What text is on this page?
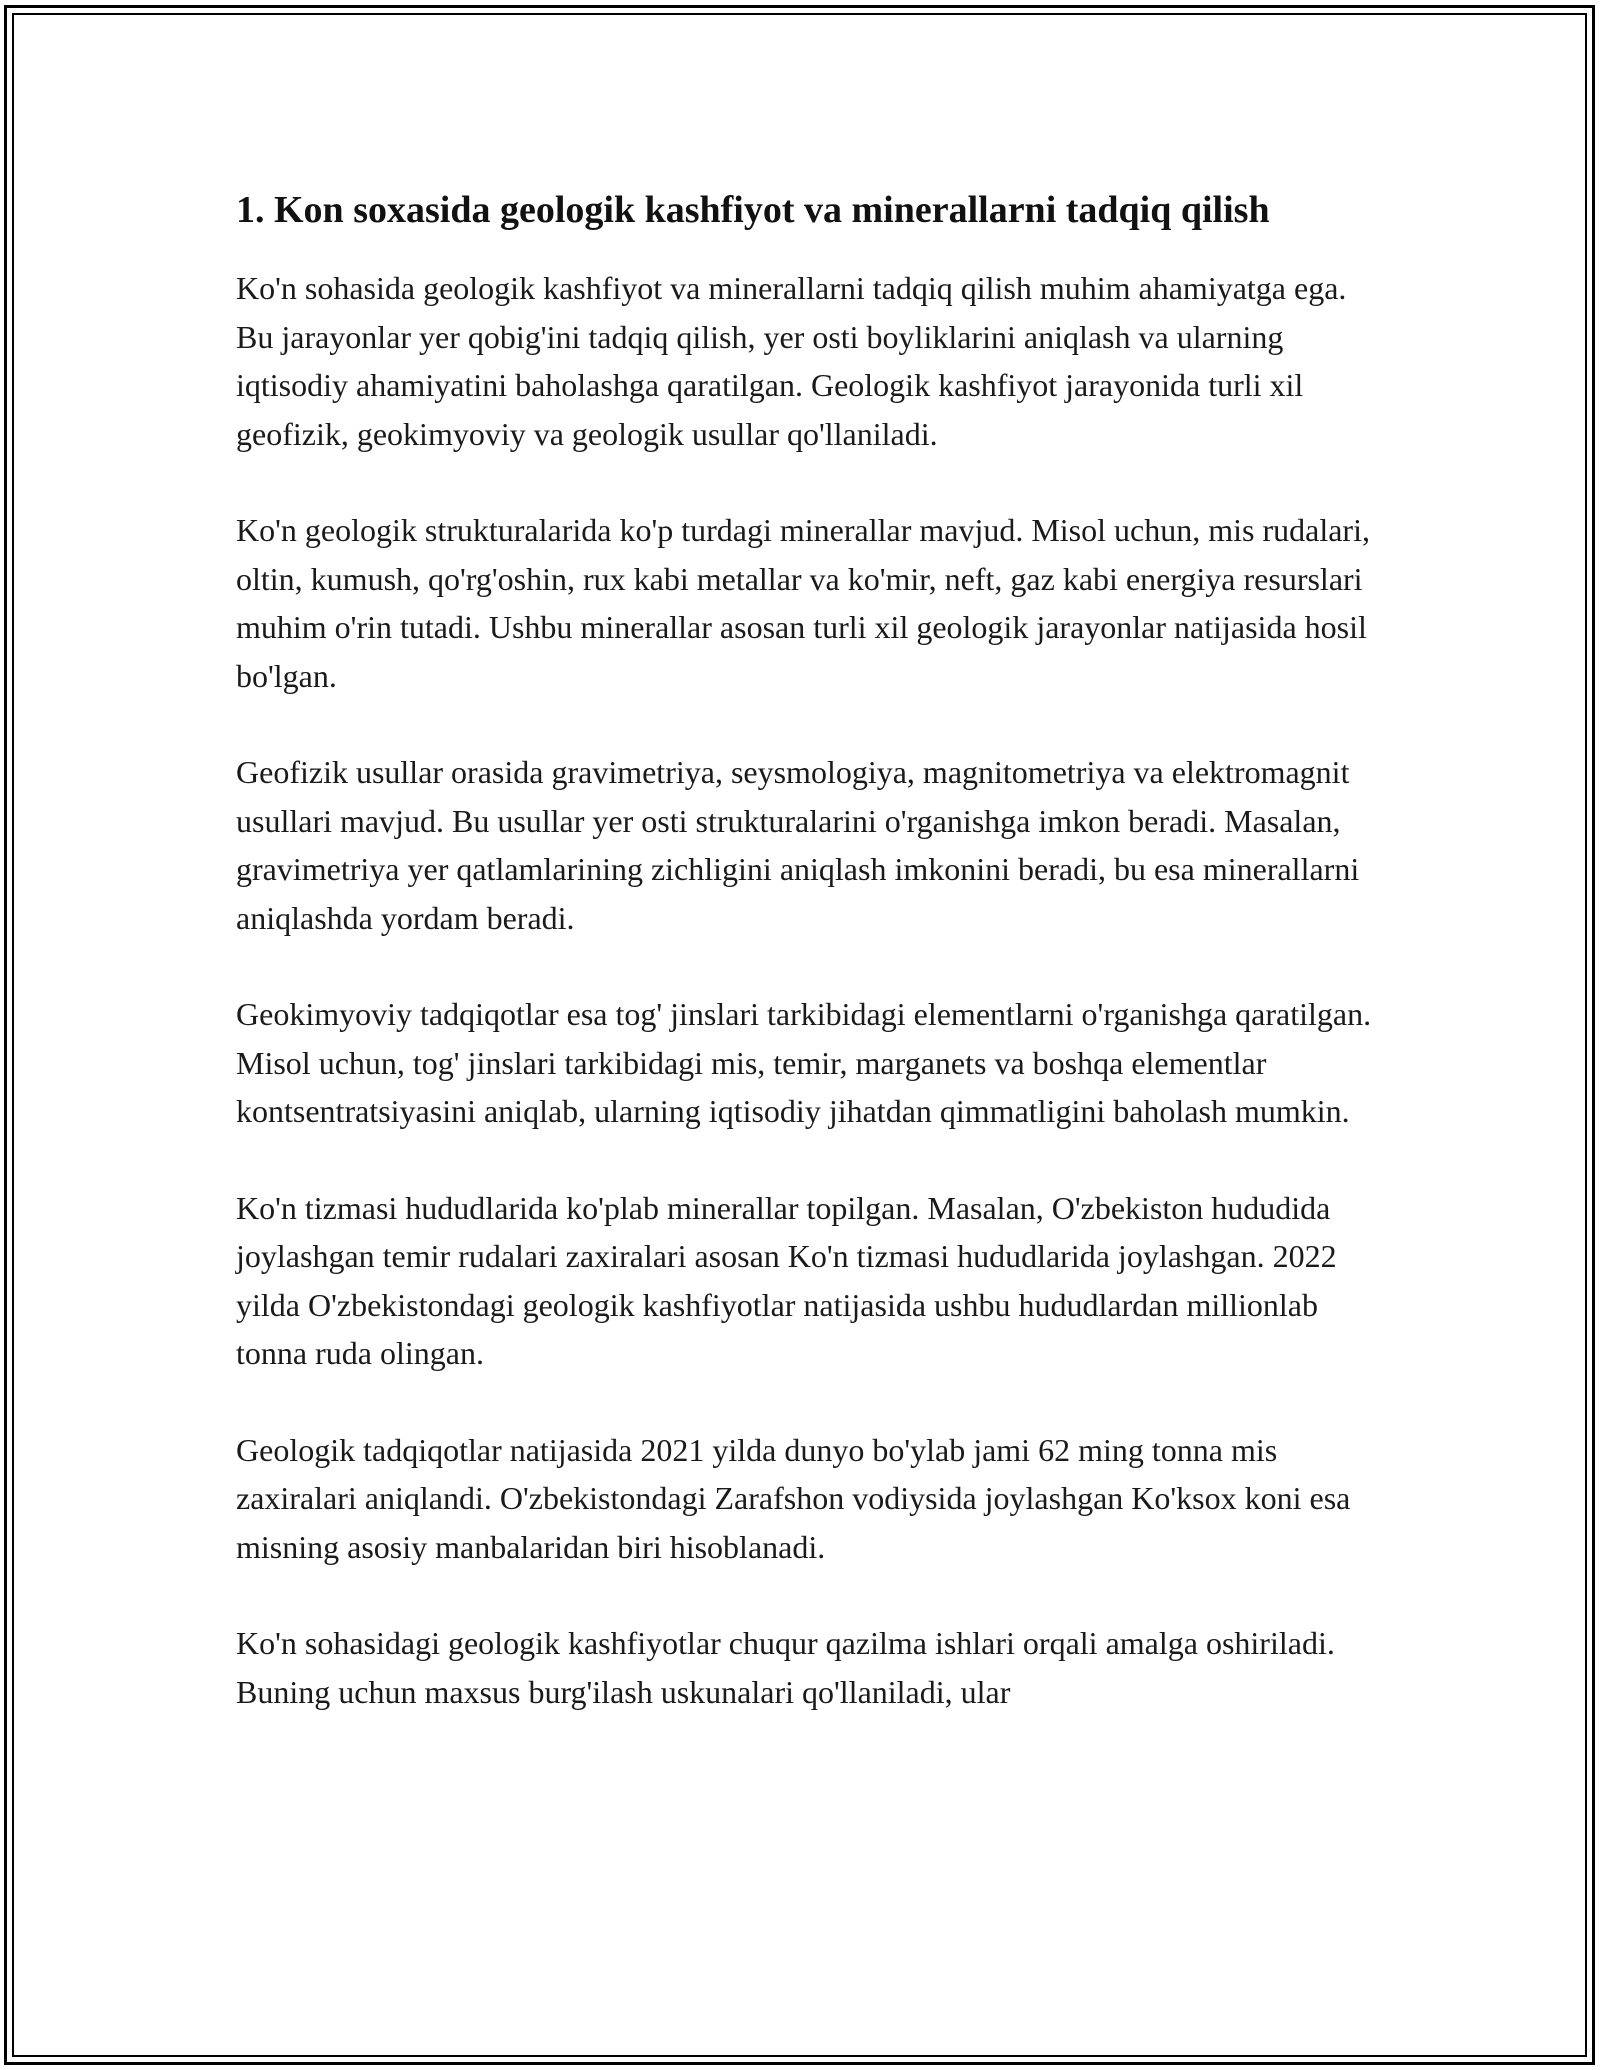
1. Kon soxasida geologik kashfiyot va minerallarni tadqiq qilish

Ko'n sohasida geologik kashfiyot va minerallarni tadqiq qilish muhim ahamiyatga ega. Bu jarayonlar yer qobig'ini tadqiq qilish, yer osti boyliklarini aniqlash va ularning iqtisodiy ahamiyatini baholashga qaratilgan. Geologik kashfiyot jarayonida turli xil geofizik, geokimyoviy va geologik usullar qo'llaniladi.

Ko'n geologik strukturalarida ko'p turdagi minerallar mavjud. Misol uchun, mis rudalari, oltin, kumush, qo'rg'oshin, rux kabi metallar va ko'mir, neft, gaz kabi energiya resurslari muhim o'rin tutadi. Ushbu minerallar asosan turli xil geologik jarayonlar natijasida hosil bo'lgan.

Geofizik usullar orasida gravimetriya, seysmologiya, magnitometriya va elektromagnit usullari mavjud. Bu usullar yer osti strukturalarini o'rganishga imkon beradi. Masalan, gravimetriya yer qatlamlarining zichligini aniqlash imkonini beradi, bu esa minerallarni aniqlashda yordam beradi.

Geokimyoviy tadqiqotlar esa tog' jinslari tarkibidagi elementlarni o'rganishga qaratilgan. Misol uchun, tog' jinslari tarkibidagi mis, temir, marganets va boshqa elementlar kontsentratsiyasini aniqlab, ularning iqtisodiy jihatdan qimmatligini baholash mumkin.

Ko'n tizmasi hududlarida ko'plab minerallar topilgan. Masalan, O'zbekiston hududida joylashgan temir rudalari zaxiralari asosan Ko'n tizmasi hududlarida joylashgan. 2022 yilda O'zbekistondagi geologik kashfiyotlar natijasida ushbu hududlardan millionlab tonna ruda olingan.

Geologik tadqiqotlar natijasida 2021 yilda dunyo bo'ylab jami 62 ming tonna mis zaxiralari aniqlandi. O'zbekistondagi Zarafshon vodiysida joylashgan Ko'ksox koni esa misning asosiy manbalaridan biri hisoblanadi.

Ko'n sohasidagi geologik kashfiyotlar chuqur qazilma ishlari orqali amalga oshiriladi. Buning uchun maxsus burg'ilash uskunalari qo'llaniladi, ular
